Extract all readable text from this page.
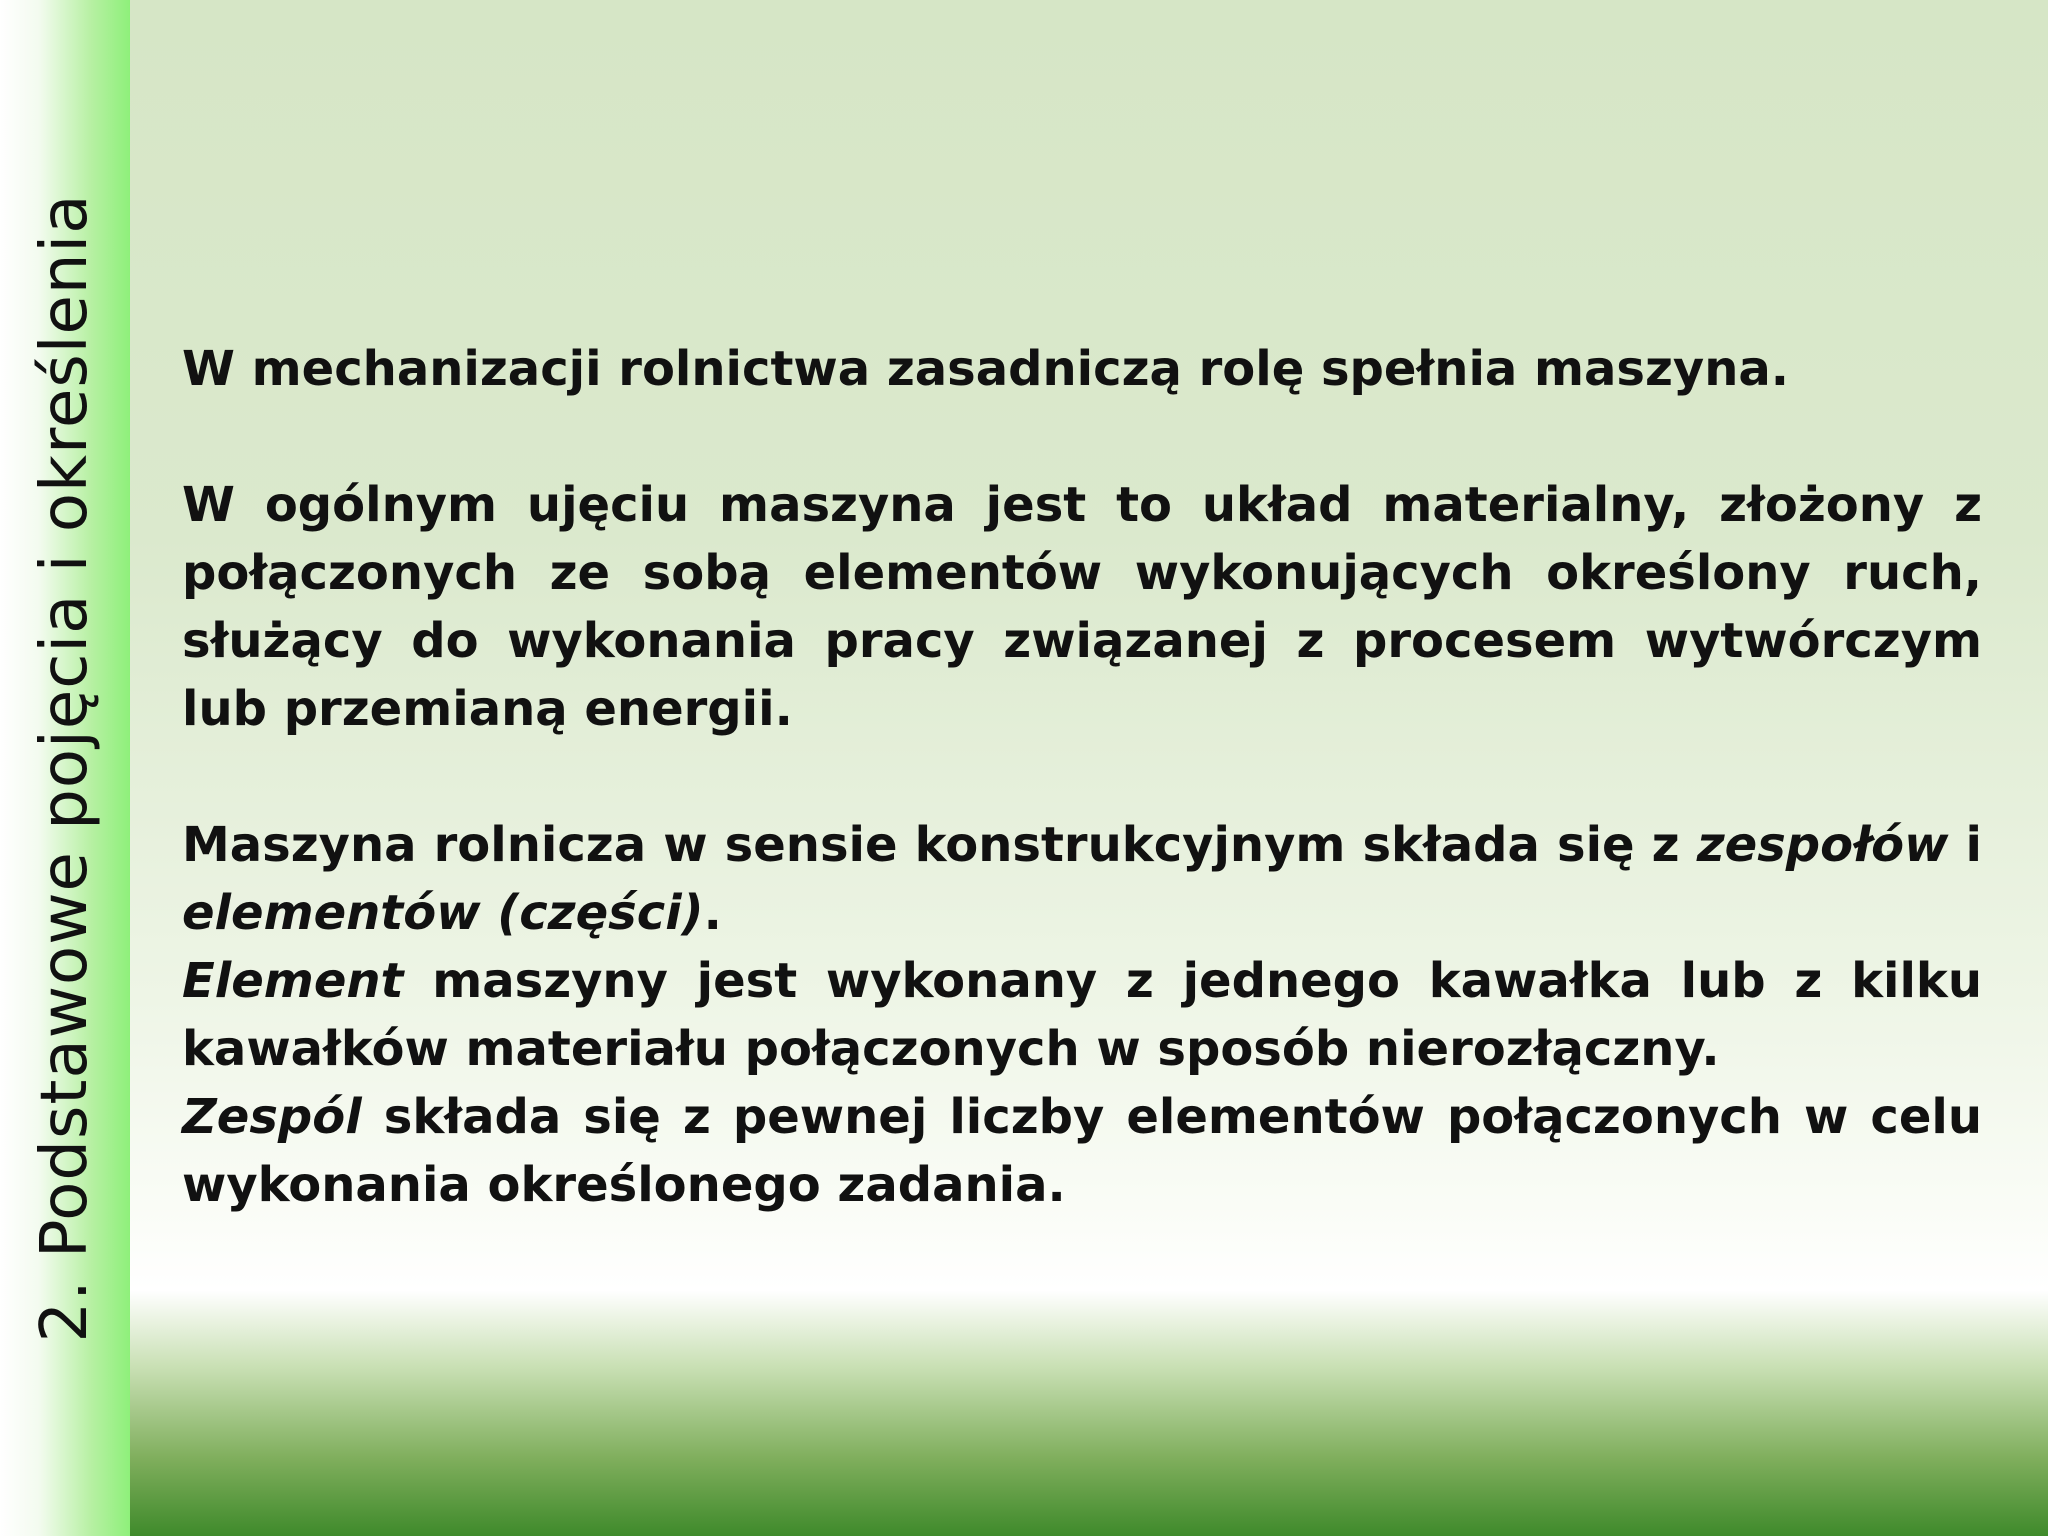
2. Podstawowe pojęcia i określenia W mechanizacji rolnictwa zasadniczą rolę spełnia maszyna.

W ogólnym ujęciu maszyna jest to układ materialny, złożony z połączonych ze sobą elementów wykonujących określony ruch, służący do wykonania pracy związanej z procesem wytwórczym lub przemianą energii.

Maszyna rolnicza w sensie konstrukcyjnym składa się z zespołów i elementów (części).

Element maszyny jest wykonany z jednego kawałka lub z kilku kawałków materiału połączonych w sposób nierozłączny.

Zespól składa się z pewnej liczby elementów połączonych w celu wykonania określonego zadania.
